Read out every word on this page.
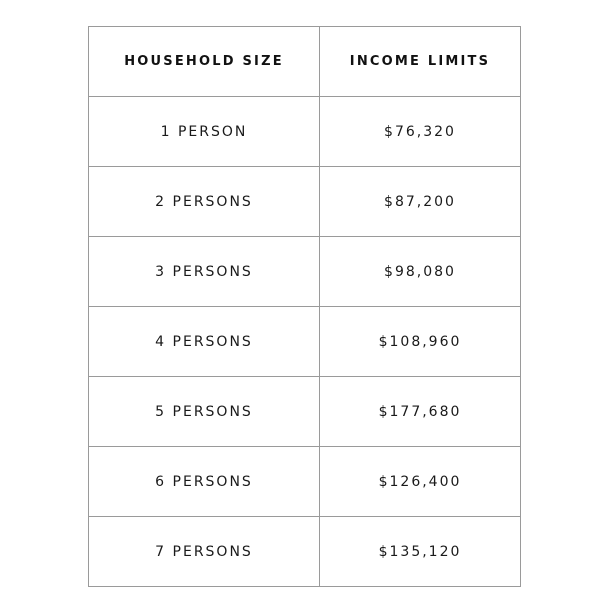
HOUSEHOLD SIZE	INCOME LIMITS
1 PERSON	$76,320
2 PERSONS	$87,200
3 PERSONS	$98,080
4 PERSONS	$108,960
5 PERSONS	$177,680
6 PERSONS	$126,400
7 PERSONS	$135,120
